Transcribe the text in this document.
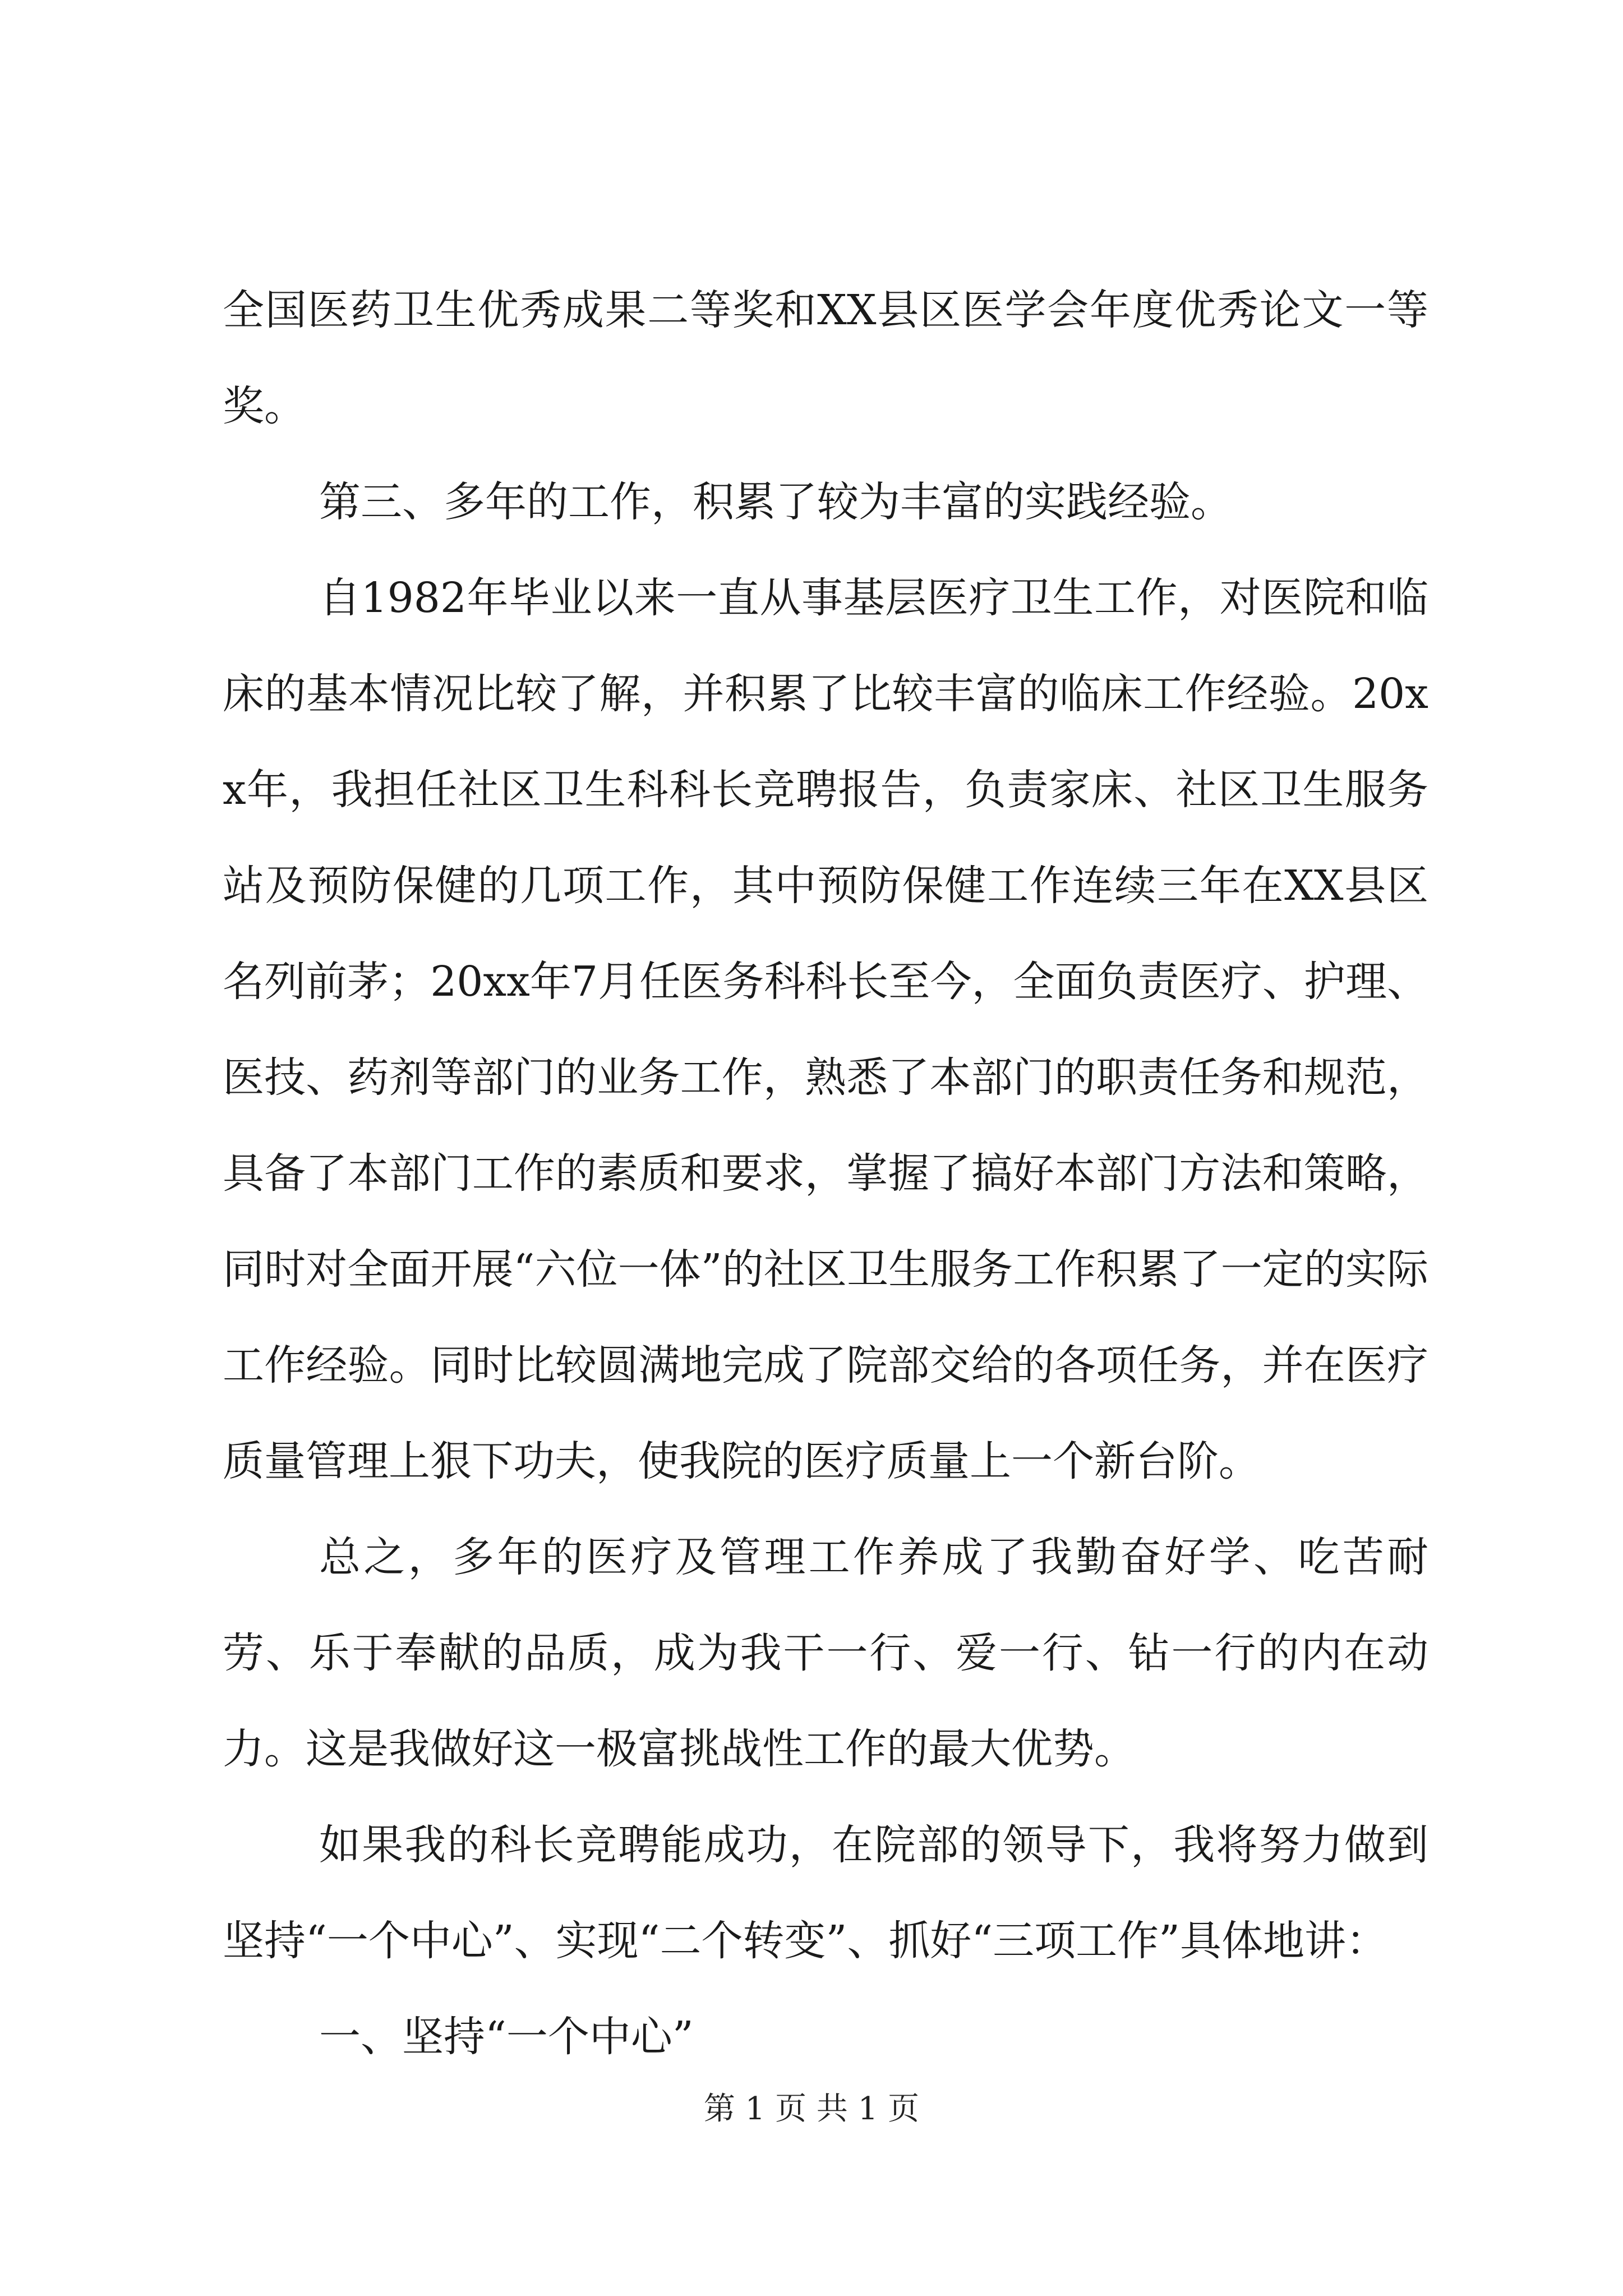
全国医药卫生优秀成果二等奖和XX县区医学会年度优秀论文一等奖。

第三、多年的工作，积累了较为丰富的实践经验。

自1982年毕业以来一直从事基层医疗卫生工作，对医院和临床的基本情况比较了解，并积累了比较丰富的临床工作经验。20xx年，我担任社区卫生科科长竞聘报告，负责家床、社区卫生服务站及预防保健的几项工作，其中预防保健工作连续三年在XX县区名列前茅；20xx年7月任医务科科长至今，全面负责医疗、护理、医技、药剂等部门的业务工作，熟悉了本部门的职责任务和规范，具备了本部门工作的素质和要求，掌握了搞好本部门方法和策略，同时对全面开展“六位一体”的社区卫生服务工作积累了一定的实际工作经验。同时比较圆满地完成了院部交给的各项任务，并在医疗质量管理上狠下功夫，使我院的医疗质量上一个新台阶。

总之，多年的医疗及管理工作养成了我勤奋好学、吃苦耐劳、乐于奉献的品质，成为我干一行、爱一行、钻一行的内在动力。这是我做好这一极富挑战性工作的最大优势。

如果我的科长竞聘能成功，在院部的领导下，我将努力做到坚持“一个中心”、实现“二个转变”、抓好“三项工作”具体地讲：

一、坚持“一个中心”

第 1 页 共 1 页
